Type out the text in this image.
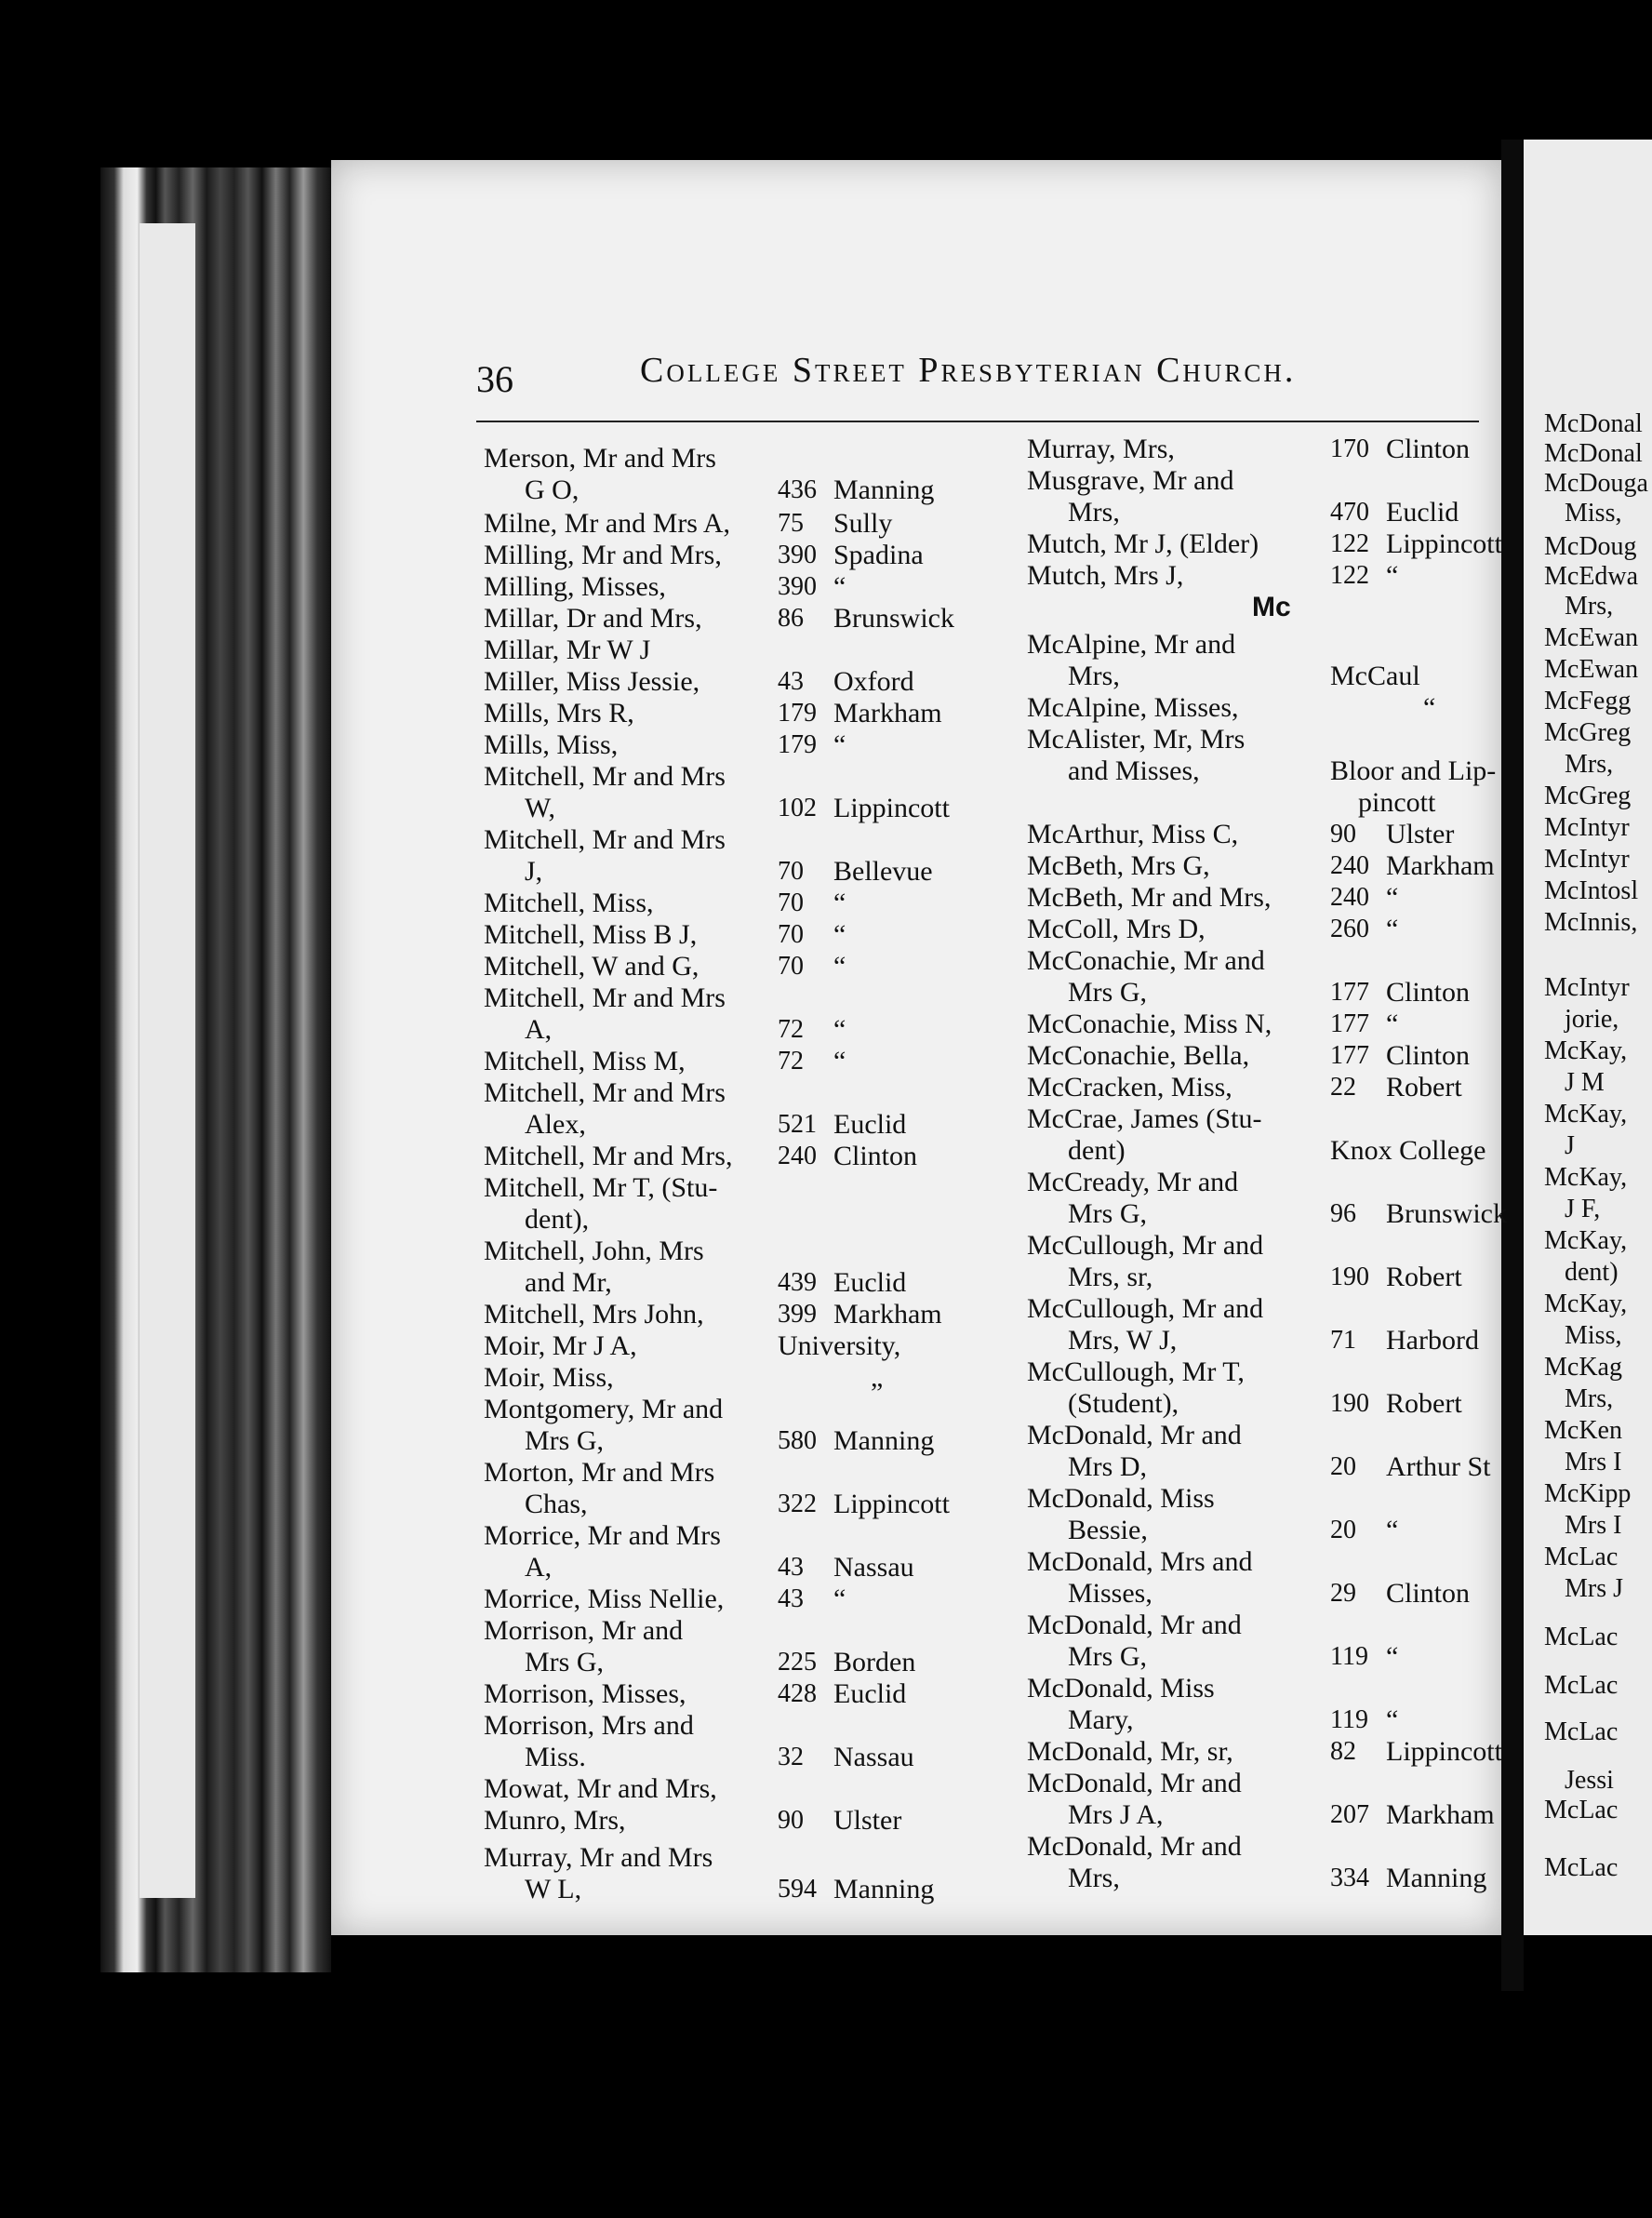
36	College Street Presbyterian Church.
Mc
Merson, Mr and Mrs
G O,	436 Manning
Milne, Mr and Mrs A, 75 Sully
Milling, Mr and Mrs, 390 Spadina
Milling, Misses,	390 “
Millar, Dr and Mrs,	86 Brunswick
Millar, Mr W J
Miller, Miss Jessie,	43 Oxford
Mills, Mrs R,	179 Markham
Mills, Miss,	179 “
Mitchell, Mr and Mrs
W,	102 Lippincott
Mitchell, Mr and Mrs
J,	70 Bellevue
Mitchell, Miss,	70 “
Mitchell, Miss B J,	70 “
Mitchell, W and G,	70 “
Mitchell, Mr and Mrs
A,	72 “
Mitchell, Miss M,	72 “
Mitchell, Mr and Mrs
Alex,	521 Euclid
Mitchell, Mr and Mrs, 240 Clinton
Mitchell, Mr T, (Stu-
dent),
Mitchell, John, Mrs
and Mr,	439 Euclid
Mitchell, Mrs John,	399 Markham
Moir, Mr J A,	University,
Moir, Miss,	„
Montgomery, Mr and
Mrs G,	580 Manning
Morton, Mr and Mrs
Chas,	322 Lippincott
Morrice, Mr and Mrs
A,	43 Nassau
Morrice, Miss Nellie, 43 “
Morrison, Mr and
Mrs G,	225 Borden
Morrison, Misses,	428 Euclid
Morrison, Mrs and
Miss.	32 Nassau
Mowat, Mr and Mrs,
Munro, Mrs,	90 Ulster
Murray, Mr and Mrs
W L,	594 Manning
Murray, Mrs,	170 Clinton
Musgrave, Mr and
Mrs,	470 Euclid
Mutch, Mr J, (Elder)	122 Lippincott
Mutch, Mrs J,	122 “
McAlpine, Mr and
Mrs,	McCaul
McAlpine, Misses,	“
McAlister, Mr, Mrs
and Misses,	Bloor and Lip-
pincott
McArthur, Miss C,	90 Ulster
McBeth, Mrs G,	240 Markham
McBeth, Mr and Mrs, 240 “
McColl, Mrs D,	260 “
McConachie, Mr and
Mrs G,	177 Clinton
McConachie, Miss N, 177 “
McConachie, Bella,	177 Clinton
McCracken, Miss,	22 Robert
McCrae, James (Stu-
dent)	Knox College
McCready, Mr and
Mrs G,	96 Brunswick
McCullough, Mr and
Mrs, sr,	190 Robert
McCullough, Mr and
Mrs, W J,	71 Harbord
McCullough, Mr T,
(Student),	190 Robert
McDonald, Mr and
Mrs D,	20 Arthur St
McDonald, Miss
Bessie,	20 “
McDonald, Mrs and
Misses,	29 Clinton
McDonald, Mr and
Mrs G,	119 “
McDonald, Miss
Mary,	119 “
McDonald, Mr, sr,	82 Lippincott
McDonald, Mr and
Mrs J A,	207 Markham
McDonald, Mr and
Mrs,	334 Manning
McDonal
McDonal
McDouga
Miss,
McDoug
McEdwa
Mrs,
McEwan
McEwan
McFegg
McGreg
Mrs,
McGreg
McIntyr
McIntyr
McIntosl
McInnis,
McIntyr
jorie,
McKay,
J M
McKay,
J
McKay,
J F,
McKay,
dent)
McKay,
Miss,
McKag
Mrs,
McKen
Mrs I
McKipp
Mrs I
McLac
Mrs J
McLac
McLac
McLac
Jessi
McLac
McLac
